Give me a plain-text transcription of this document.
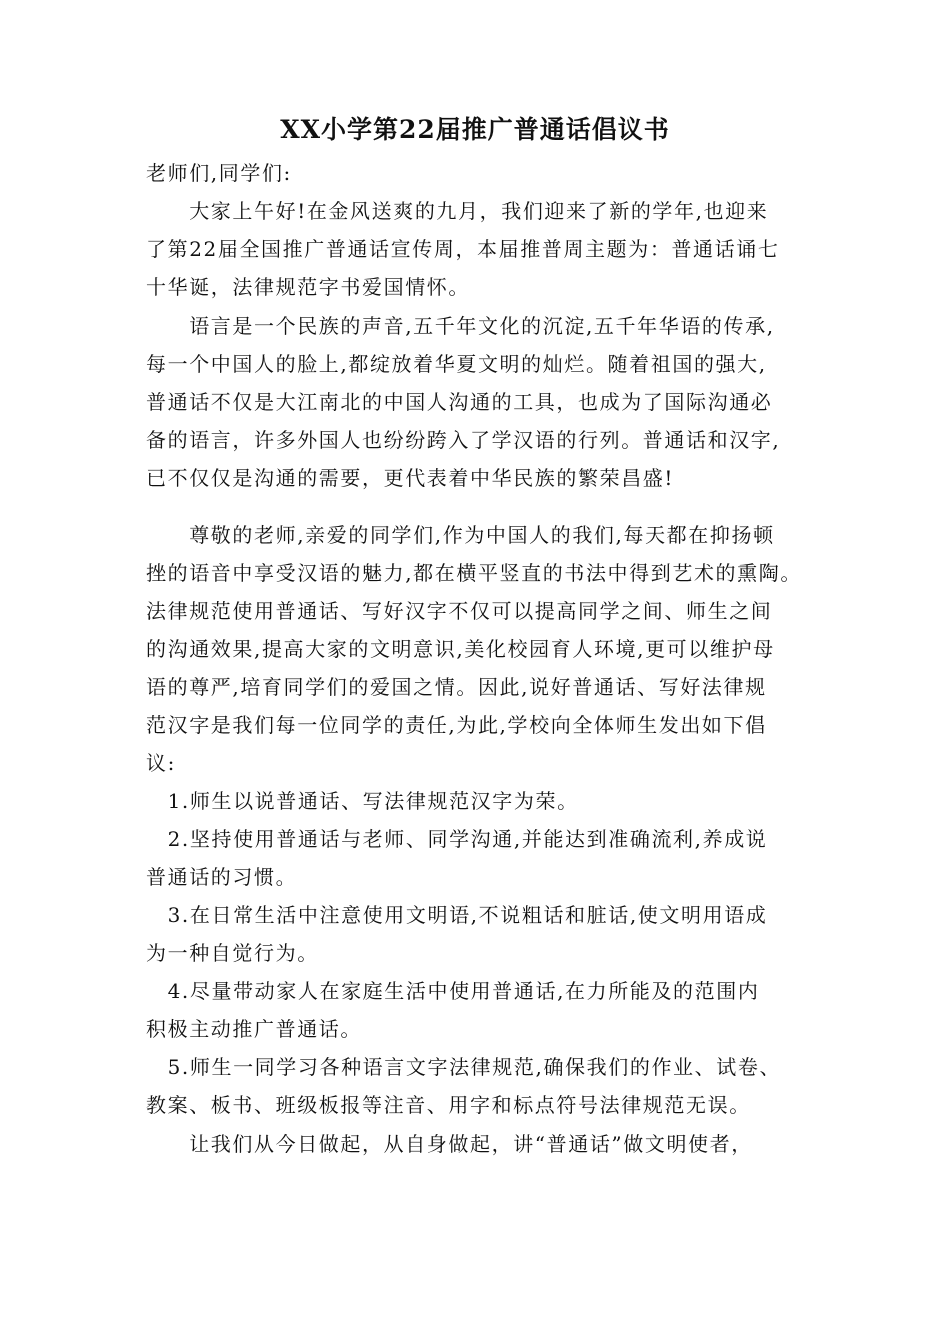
XX小学第22届推广普通话倡议书

老师们,同学们:

　　大家上午好!在金风送爽的九月，我们迎来了新的学年,也迎来

了第22届全国推广普通话宣传周，本届推普周主题为：普通话诵七

十华诞，法律规范字书爱国情怀。

　　语言是一个民族的声音,五千年文化的沉淀,五千年华语的传承,

每一个中国人的脸上,都绽放着华夏文明的灿烂。随着祖国的强大,

普通话不仅是大江南北的中国人沟通的工具，也成为了国际沟通必

备的语言，许多外国人也纷纷跨入了学汉语的行列。普通话和汉字,

已不仅仅是沟通的需要，更代表着中华民族的繁荣昌盛!

　　尊敬的老师,亲爱的同学们,作为中国人的我们,每天都在抑扬顿

挫的语音中享受汉语的魅力,都在横平竖直的书法中得到艺术的熏陶。

法律规范使用普通话、写好汉字不仅可以提高同学之间、师生之间

的沟通效果,提高大家的文明意识,美化校园育人环境,更可以维护母

语的尊严,培育同学们的爱国之情。因此,说好普通话、写好法律规

范汉字是我们每一位同学的责任,为此,学校向全体师生发出如下倡

议:

　1.师生以说普通话、写法律规范汉字为荣。

　2.坚持使用普通话与老师、同学沟通,并能达到准确流利,养成说

普通话的习惯。

　3.在日常生活中注意使用文明语,不说粗话和脏话,使文明用语成

为一种自觉行为。

　4.尽量带动家人在家庭生活中使用普通话,在力所能及的范围内

积极主动推广普通话。

　5.师生一同学习各种语言文字法律规范,确保我们的作业、试卷、

教案、板书、班级板报等注音、用字和标点符号法律规范无误。

　　让我们从今日做起，从自身做起，讲“普通话”做文明使者，
